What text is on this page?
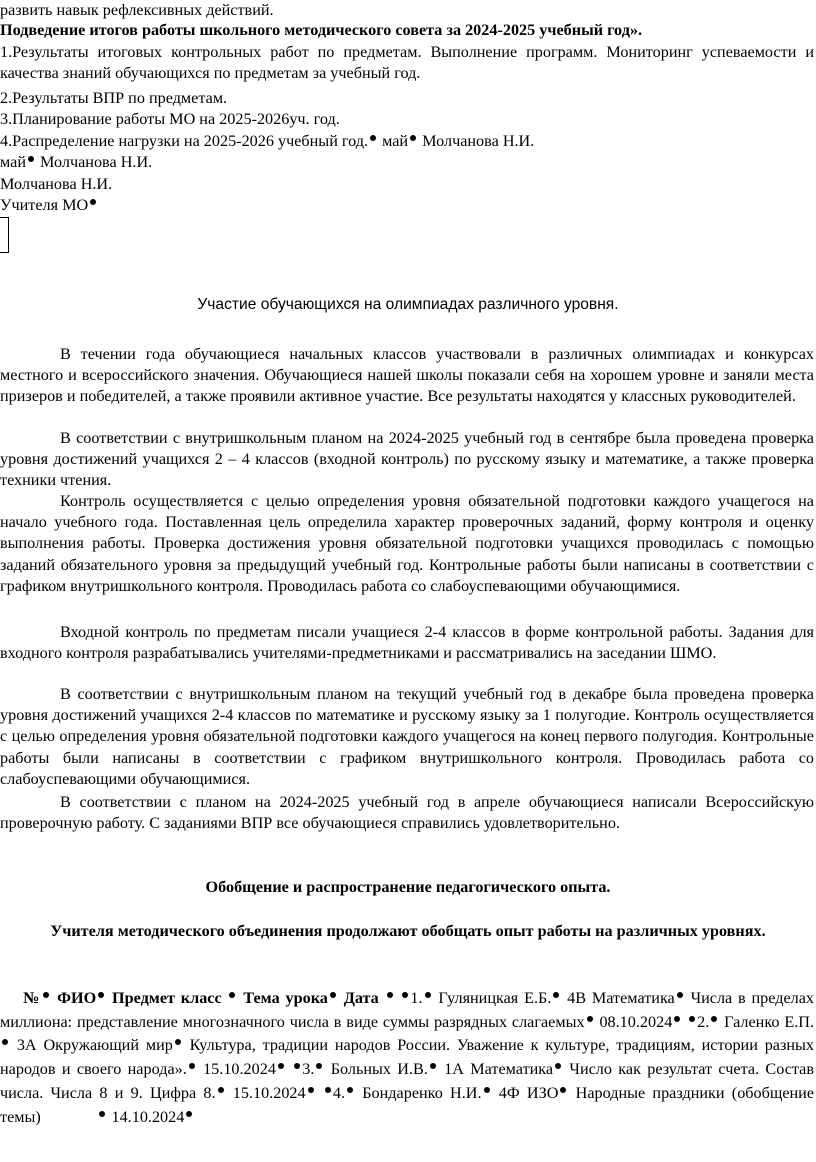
развить навык рефлексивных действий.
Подведение итогов работы школьного методического совета за 2024-2025 учебный год».
1.Результаты итоговых контрольных работ по предметам. Выполнение программ. Мониторинг успеваемости и качества знаний обучающихся по предметам за учебный год.
2.Результаты ВПР по предметам.
3.Планирование работы МО на 2025-2026уч. год.
4.Распределение нагрузки на 2025-2026 учебный год. май Молчанова Н.И.
май Молчанова Н.И.
Молчанова Н.И.
Учителя МО
Участие обучающихся на олимпиадах различного уровня.
В течении года обучающиеся начальных классов участвовали в различных олимпиадах и конкурсах местного и всероссийского значения. Обучающиеся нашей школы показали себя на хорошем уровне и заняли места призеров и победителей, а также проявили активное участие. Все результаты находятся у классных руководителей.
В соответствии с внутришкольным планом на 2024-2025 учебный год в сентябре была проведена проверка уровня достижений учащихся 2 – 4 классов (входной контроль) по русскому языку и математике, а также проверка техники чтения.
Контроль осуществляется с целью определения уровня обязательной подготовки каждого учащегося на начало учебного года. Поставленная цель определила характер проверочных заданий, форму контроля и оценку выполнения работы. Проверка достижения уровня обязательной подготовки учащихся проводилась с помощью заданий обязательного уровня за предыдущий учебный год. Контрольные работы были написаны в соответствии с графиком внутришкольного контроля. Проводилась работа со слабоуспевающими обучающимися.
Входной контроль по предметам писали учащиеся 2-4 классов в форме контрольной работы. Задания для входного контроля разрабатывались учителями-предметниками и рассматривались на заседании ШМО.
В соответствии с внутришкольным планом на текущий учебный год в декабре была проведена проверка уровня достижений учащихся 2-4 классов по математике и русскому языку за 1 полугодие. Контроль осуществляется с целью определения уровня обязательной подготовки каждого учащегося на конец первого полугодия. Контрольные работы были написаны в соответствии с графиком внутришкольного контроля. Проводилась работа со слабоуспевающими обучающимися.
В соответствии с планом на 2024-2025 учебный год в апреле обучающиеся написали Всероссийскую проверочную работу. С заданиями ВПР все обучающиеся справились удовлетворительно.
Обобщение и распространение педагогического опыта.
Учителя методического объединения продолжают обобщать опыт работы на различных уровнях.
№ ФИО Предмет класс  Тема урока Дата  1. Гуляницкая Е.Б. 4В Математика Числа в пределах миллиона: представление многозначного числа в виде суммы разрядных слагаемых 08.10.2024 2. Галенко Е.П. 3А Окружающий мир Культура, традиции народов России. Уважение к культуре, традициям, истории разных народов и своего народа». 15.10.2024 3. Больных И.В. 1А Математика Число как результат счета. Состав числа. Числа 8 и 9. Цифра 8. 15.10.2024 4. Бондаренко Н.И. 4Ф ИЗО Народные праздники (обобщение темы)	14.10.2024
